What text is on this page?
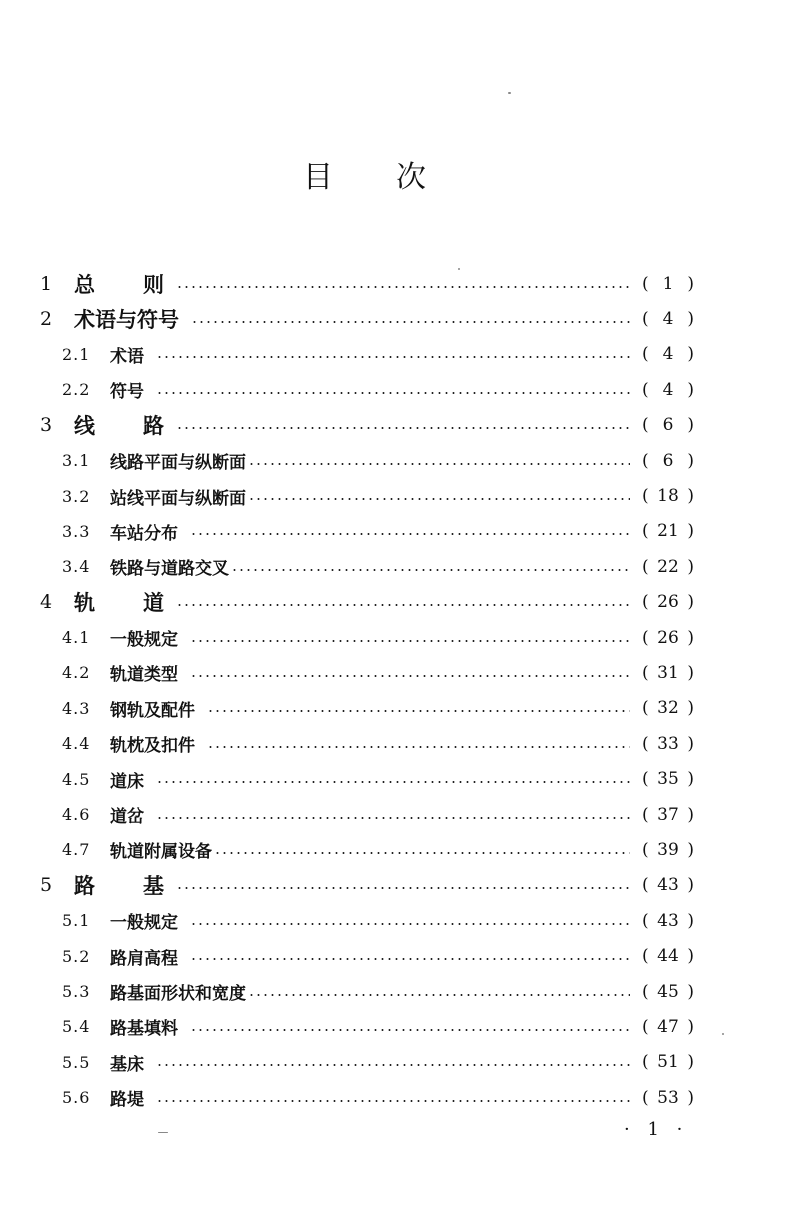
目 次
1	总 则	( 1 )
2	术语与符号	( 4 )
2.1	术语	( 4 )
2.2	符号	( 4 )
3	线 路	( 6 )
3.1	线路平面与纵断面	( 6 )
3.2	站线平面与纵断面	( 18 )
3.3	车站分布	( 21 )
3.4	铁路与道路交叉	( 22 )
4	轨 道	( 26 )
4.1	一般规定	( 26 )
4.2	轨道类型	( 31 )
4.3	钢轨及配件	( 32 )
4.4	轨枕及扣件	( 33 )
4.5	道床	( 35 )
4.6	道岔	( 37 )
4.7	轨道附属设备	( 39 )
5	路 基	( 43 )
5.1	一般规定	( 43 )
5.2	路肩高程	( 44 )
5.3	路基面形状和宽度	( 45 )
5.4	路基填料	( 47 )
5.5	基床	( 51 )
5.6	路堤	( 53 )
· 1 ·
